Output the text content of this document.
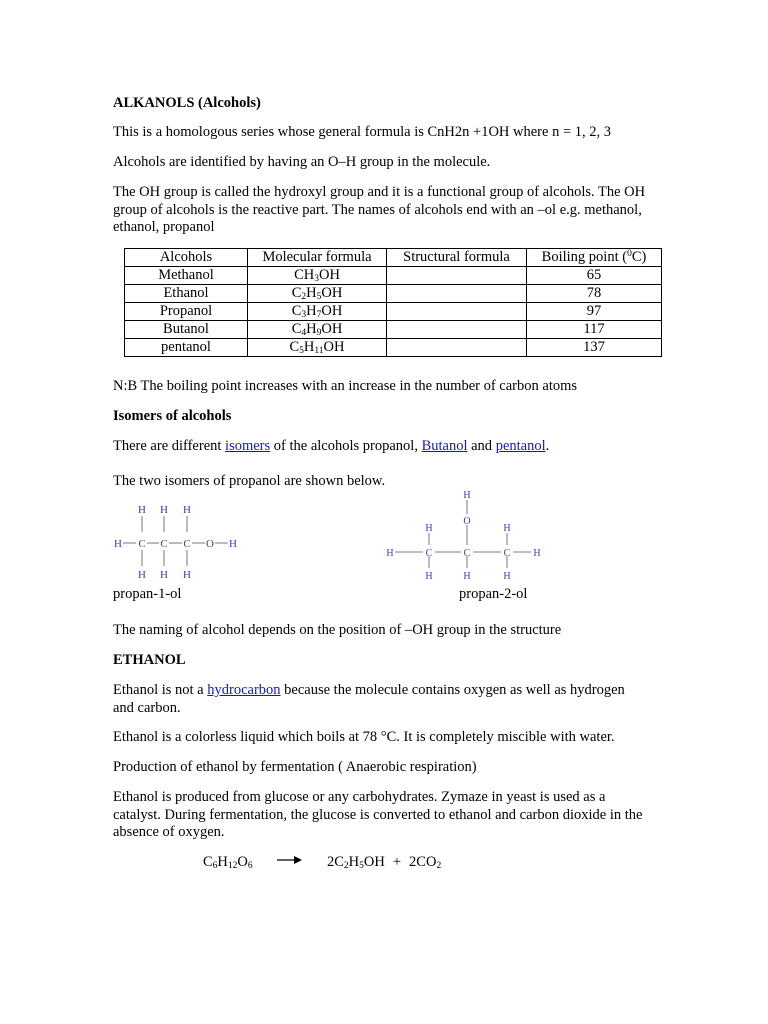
ALKANOLS (Alcohols)
This is a homologous series whose general formula is CnH2n +1OH where n = 1, 2, 3
Alcohols are identified by having an O–H group in the molecule.
The OH group is called the hydroxyl group and it is a functional group of alcohols. The OH group of alcohols is the reactive part. The names of alcohols end with an –ol e.g. methanol, ethanol, propanol
Alcohols	Molecular formula	Structural formula	Boiling point ($^0$C)
Methanol	$CH_3OH$		65
Ethanol	$C_2H_5OH$		78
Propanol	$C_3H_7OH$		97
Butanol	$C_4H_9OH$		117
pentanol	$C_5H_{11}OH$		137
N:B The boiling point increases with an increase in the number of carbon atoms
Isomers of alcohols
There are different isomers of the alcohols propanol, Butanol and pentanol.
The two isomers of propanol are shown below.
H H H
H C C C O H
H H H
H
O
H	H
H	C	C	C H
H	H	H
propan-1-ol	propan-2-ol
The naming of alcohol depends on the position of –OH group in the structure
ETHANOL
Ethanol is not a hydrocarbon because the molecule contains oxygen as well as hydrogen and carbon.
Ethanol is a colorless liquid which boils at 78 °C. It is completely miscible with water.
Production of ethanol by fermentation ( Anaerobic respiration)
Ethanol is produced from glucose or any carbohydrates. Zymaze in yeast is used as a catalyst. During fermentation, the glucose is converted to ethanol and carbon dioxide in the absence of oxygen.
$C_6H_{12}O_6$	$2C_2H_5OH + 2CO_2$
